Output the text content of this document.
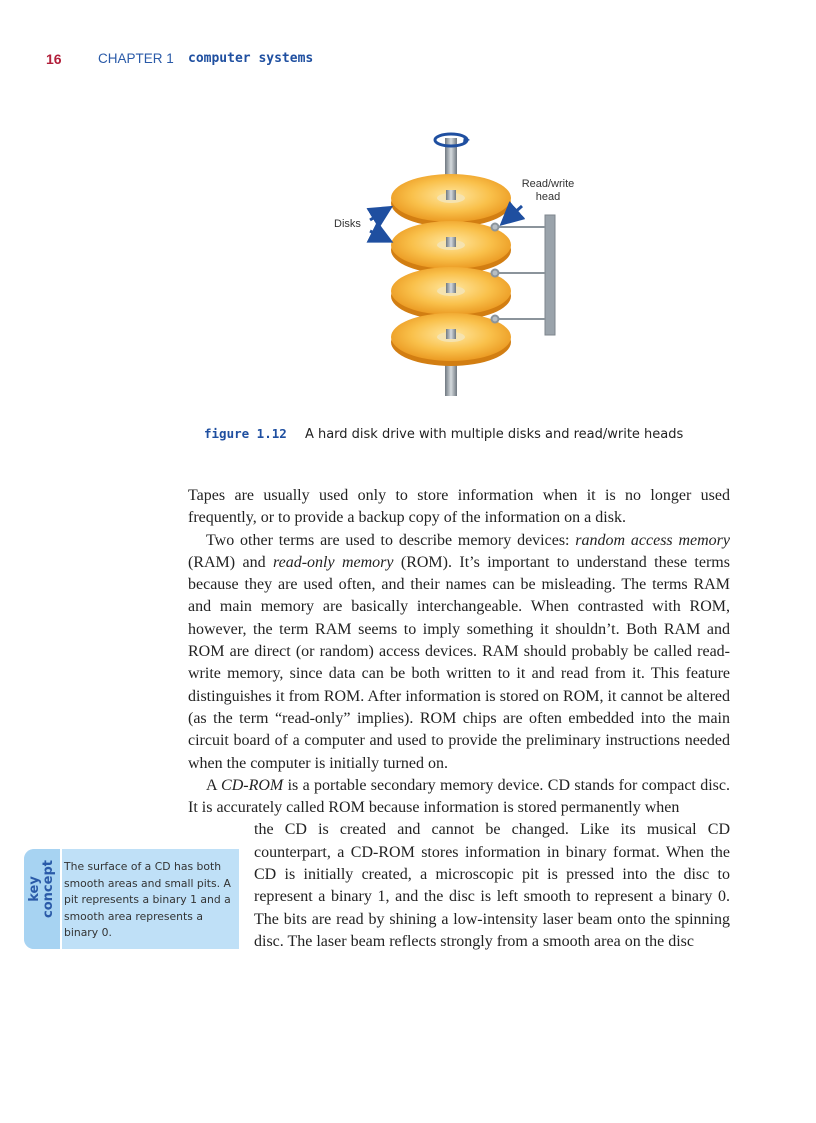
16	CHAPTER 1 computer systems
Disks
Read/write
head
figure 1.12 A hard disk drive with multiple disks and read/write heads

Tapes are usually used only to store information when it is no longer used frequently, or to provide a backup copy of the information on a disk.

Two other terms are used to describe memory devices: random access memory (RAM) and read-only memory (ROM). It’s important to understand these terms because they are used often, and their names can be misleading. The terms RAM and main memory are basically interchangeable. When contrasted with ROM, however, the term RAM seems to imply something it shouldn’t. Both RAM and ROM are direct (or random) access devices. RAM should probably be called read-write memory, since data can be both written to it and read from it. This feature distinguishes it from ROM. After information is stored on ROM, it cannot be altered (as the term “read-only” implies). ROM chips are often embedded into the main circuit board of a computer and used to provide the preliminary instructions needed when the computer is initially turned on.

A CD-ROM is a portable secondary memory device. CD stands for compact disc. It is accurately called ROM because information is stored permanently when

the CD is created and cannot be changed. Like its musical CD counterpart, a CD-ROM stores information in binary format. When the CD is initially created, a microscopic pit is pressed into the disc to represent a binary 1, and the disc is left smooth to represent a binary 0. The bits are read by shining a low-intensity laser beam onto the spinning disc. The laser beam reflects strongly from a smooth area on the disc

key concept The surface of a CD has both smooth areas and small pits. A pit represents a binary 1 and a smooth area represents a binary 0.
